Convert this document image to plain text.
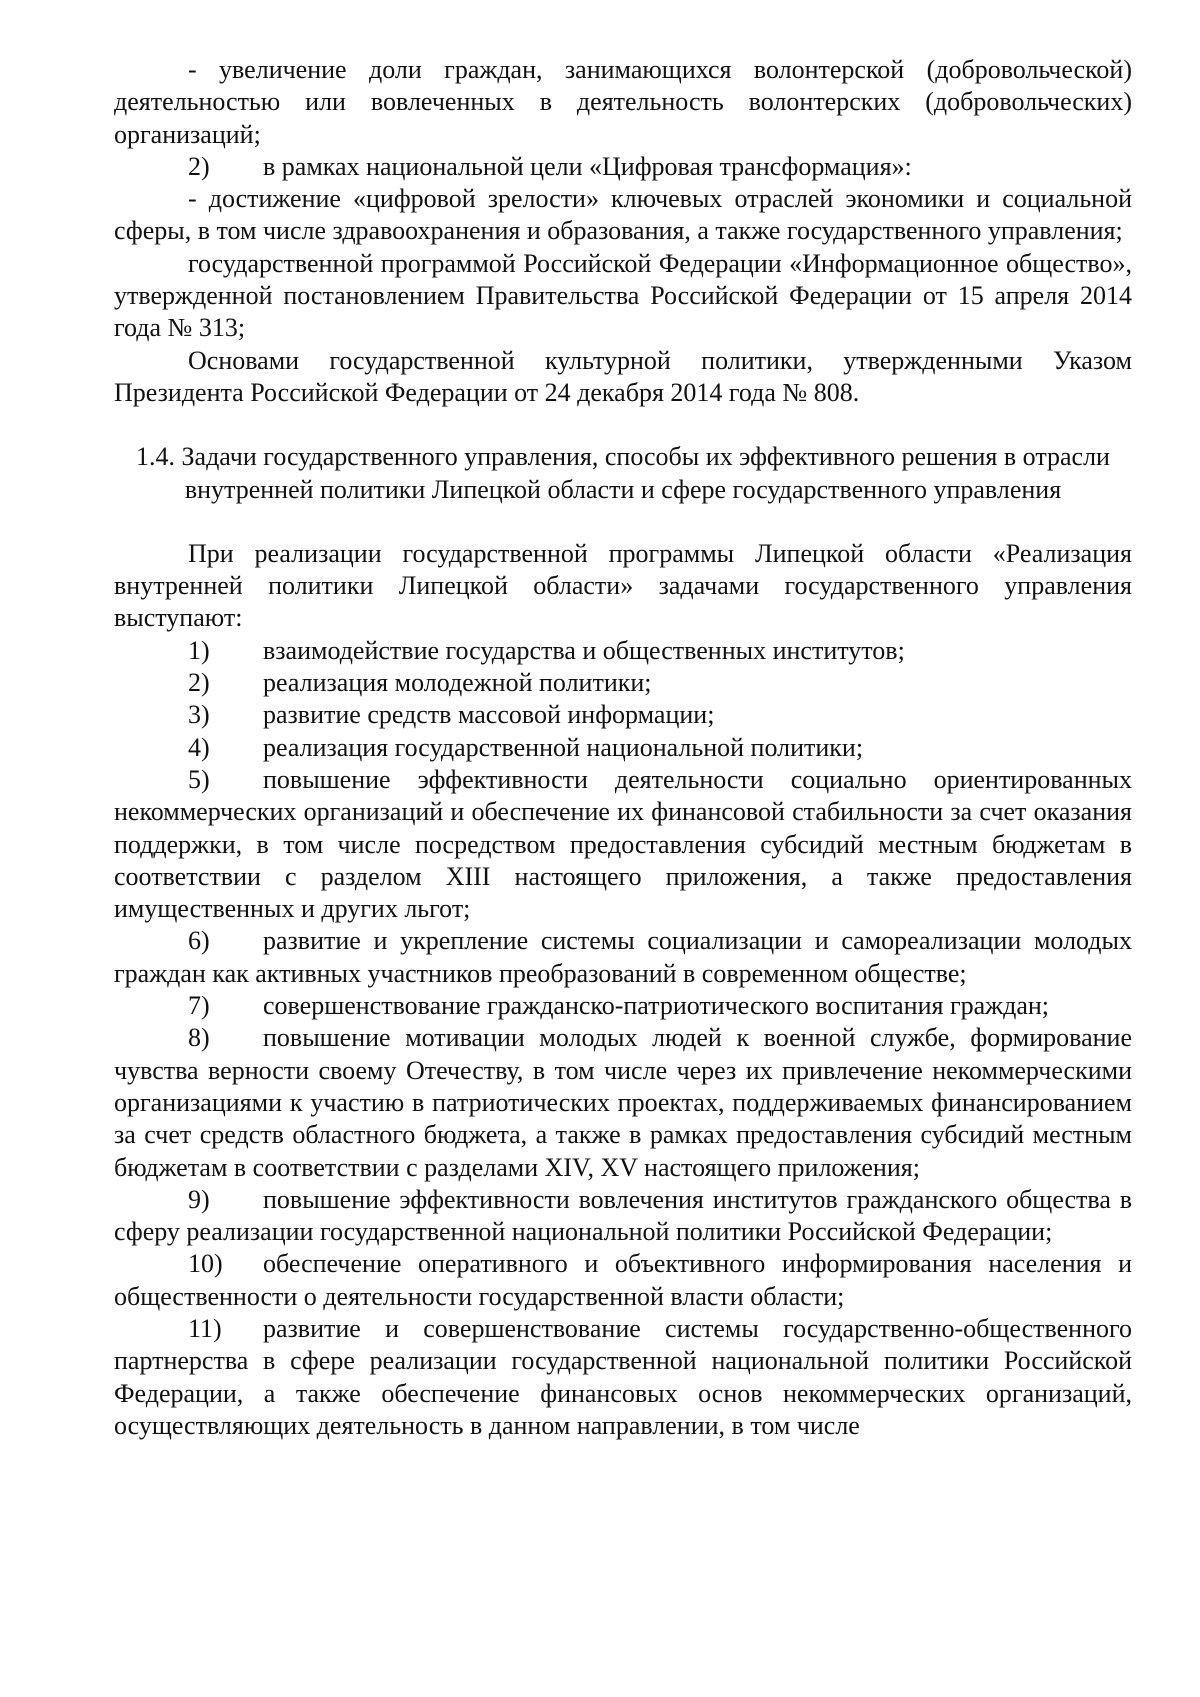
- увеличение доли граждан, занимающихся волонтерской (добровольческой) деятельностью или вовлеченных в деятельность волонтерских (добровольческих) организаций;

2) в рамках национальной цели «Цифровая трансформация»:

- достижение «цифровой зрелости» ключевых отраслей экономики и социальной сферы, в том числе здравоохранения и образования, а также государственного управления;

государственной программой Российской Федерации «Информационное общество», утвержденной постановлением Правительства Российской Федерации от 15 апреля 2014 года № 313;

Основами государственной культурной политики, утвержденными Указом Президента Российской Федерации от 24 декабря 2014 года № 808.

1.4. Задачи государственного управления, способы их эффективного решения в отрасли внутренней политики Липецкой области и сфере государственного управления

При реализации государственной программы Липецкой области «Реализация внутренней политики Липецкой области» задачами государственного управления выступают:

1) взаимодействие государства и общественных институтов;

2) реализация молодежной политики;

3) развитие средств массовой информации;

4) реализация государственной национальной политики;

5) повышение эффективности деятельности социально ориентированных некоммерческих организаций и обеспечение их финансовой стабильности за счет оказания поддержки, в том числе посредством предоставления субсидий местным бюджетам в соответствии с разделом XIII настоящего приложения, а также предоставления имущественных и других льгот;

6) развитие и укрепление системы социализации и самореализации молодых граждан как активных участников преобразований в современном обществе;

7) совершенствование гражданско-патриотического воспитания граждан;

8) повышение мотивации молодых людей к военной службе, формирование чувства верности своему Отечеству, в том числе через их привлечение некоммерческими организациями к участию в патриотических проектах, поддерживаемых финансированием за счет средств областного бюджета, а также в рамках предоставления субсидий местным бюджетам в соответствии с разделами XIV, XV настоящего приложения;

9) повышение эффективности вовлечения институтов гражданского общества в сферу реализации государственной национальной политики Российской Федерации;

10) обеспечение оперативного и объективного информирования населения и общественности о деятельности государственной власти области;

11) развитие и совершенствование системы государственно-общественного партнерства в сфере реализации государственной национальной политики Российской Федерации, а также обеспечение финансовых основ некоммерческих организаций, осуществляющих деятельность в данном направлении, в том числе
